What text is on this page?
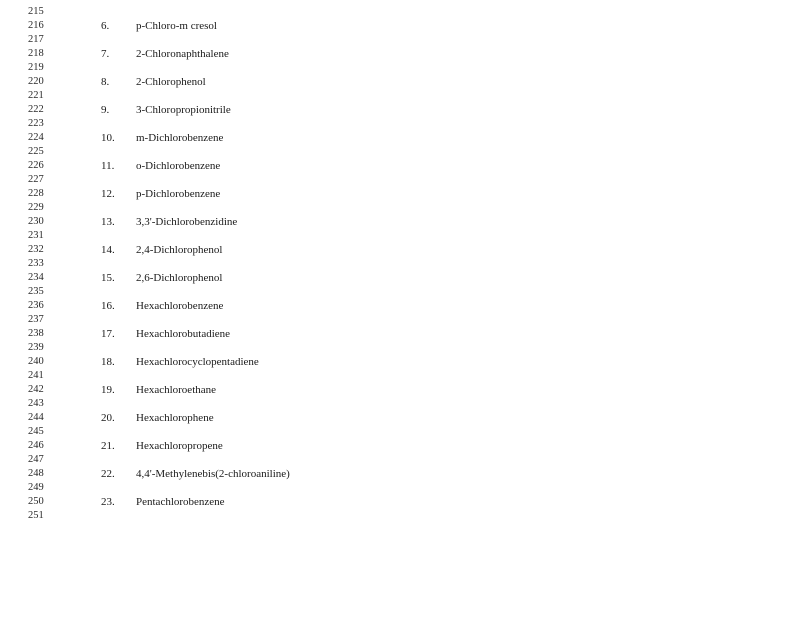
215
216	6.	p-Chloro-m cresol
217
218	7.	2-Chloronaphthalene
219
220	8.	2-Chlorophenol
221
222	9.	3-Chloropropionitrile
223
224	10.	m-Dichlorobenzene
225
226	11.	o-Dichlorobenzene
227
228	12.	p-Dichlorobenzene
229
230	13.	3,3'-Dichlorobenzidine
231
232	14.	2,4-Dichlorophenol
233
234	15.	2,6-Dichlorophenol
235
236	16.	Hexachlorobenzene
237
238	17.	Hexachlorobutadiene
239
240	18.	Hexachlorocyclopentadiene
241
242	19.	Hexachloroethane
243
244	20.	Hexachlorophene
245
246	21.	Hexachloropropene
247
248	22.	4,4'-Methylenebis(2-chloroaniline)
249
250	23.	Pentachlorobenzene
251
